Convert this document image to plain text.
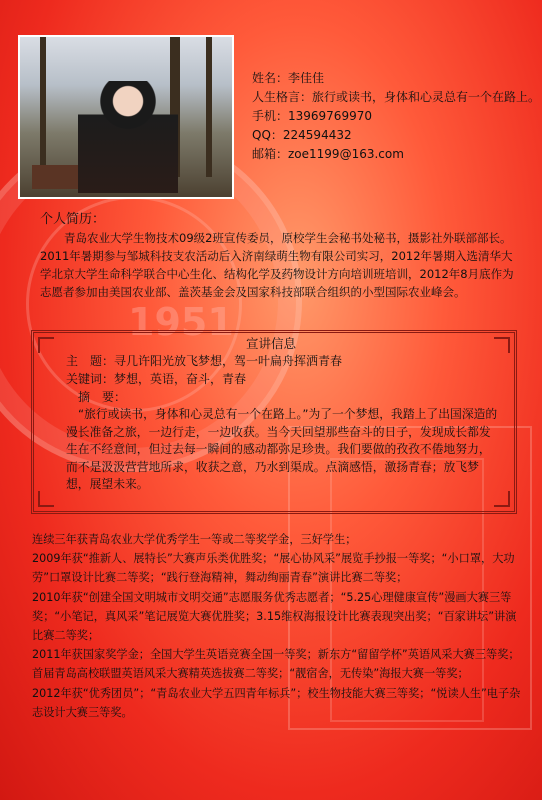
1951
姓名：李佳佳
人生格言：旅行或读书，身体和心灵总有一个在路上。
手机：13969769970
QQ：224594432
邮箱：zoe1199@163.com
个人简历：
青岛农业大学生物技术09级2班宣传委员，原校学生会秘书处秘书，摄影社外联部部长。2011年暑期参与邹城科技支农活动后入济南绿萌生物有限公司实习，2012年暑期入选清华大学北京大学生命科学联合中心生化、结构化学及药物设计方向培训班培训，2012年8月底作为志愿者参加由美国农业部、盖茨基金会及国家科技部联合组织的小型国际农业峰会。
宣讲信息
主　题：寻几许阳光放飞梦想，驾一叶扁舟挥洒青春
关键词：梦想，英语，奋斗，青春
摘　要：
“旅行或读书，身体和心灵总有一个在路上。”为了一个梦想，我踏上了出国深造的漫长准备之旅，一边行走，一边收获。当今天回望那些奋斗的日子，发现成长都发生在不经意间，但过去每一瞬间的感动都弥足珍贵。我们要做的孜孜不倦地努力，而不是汲汲营营地所求，收获之意，乃水到渠成。点滴感悟，激扬青春；放飞梦想，展望未来。
连续三年获青岛农业大学优秀学生一等或二等奖学金，三好学生；
2009年获“推新人、展特长”大赛声乐类优胜奖；“展心协风采”展览手抄报一等奖；“小口罩，大功劳”口罩设计比赛二等奖；“践行登海精神，舞动绚丽青春”演讲比赛二等奖；
2010年获“创建全国文明城市文明交通”志愿服务优秀志愿者；“5.25心理健康宣传”漫画大赛三等奖；“小笔记，真风采”笔记展览大赛优胜奖；3.15维权海报设计比赛表现突出奖；“百家讲坛”讲演比赛二等奖；
2011年获国家奖学金；全国大学生英语竞赛全国一等奖；新东方“留留学杯”英语风采大赛三等奖；首届青岛高校联盟英语风采大赛精英选拔赛二等奖；“靓宿舍，无传染”海报大赛一等奖；
2012年获“优秀团员”；“青岛农业大学五四青年标兵”；校生物技能大赛三等奖；“悦读人生”电子杂志设计大赛三等奖。
